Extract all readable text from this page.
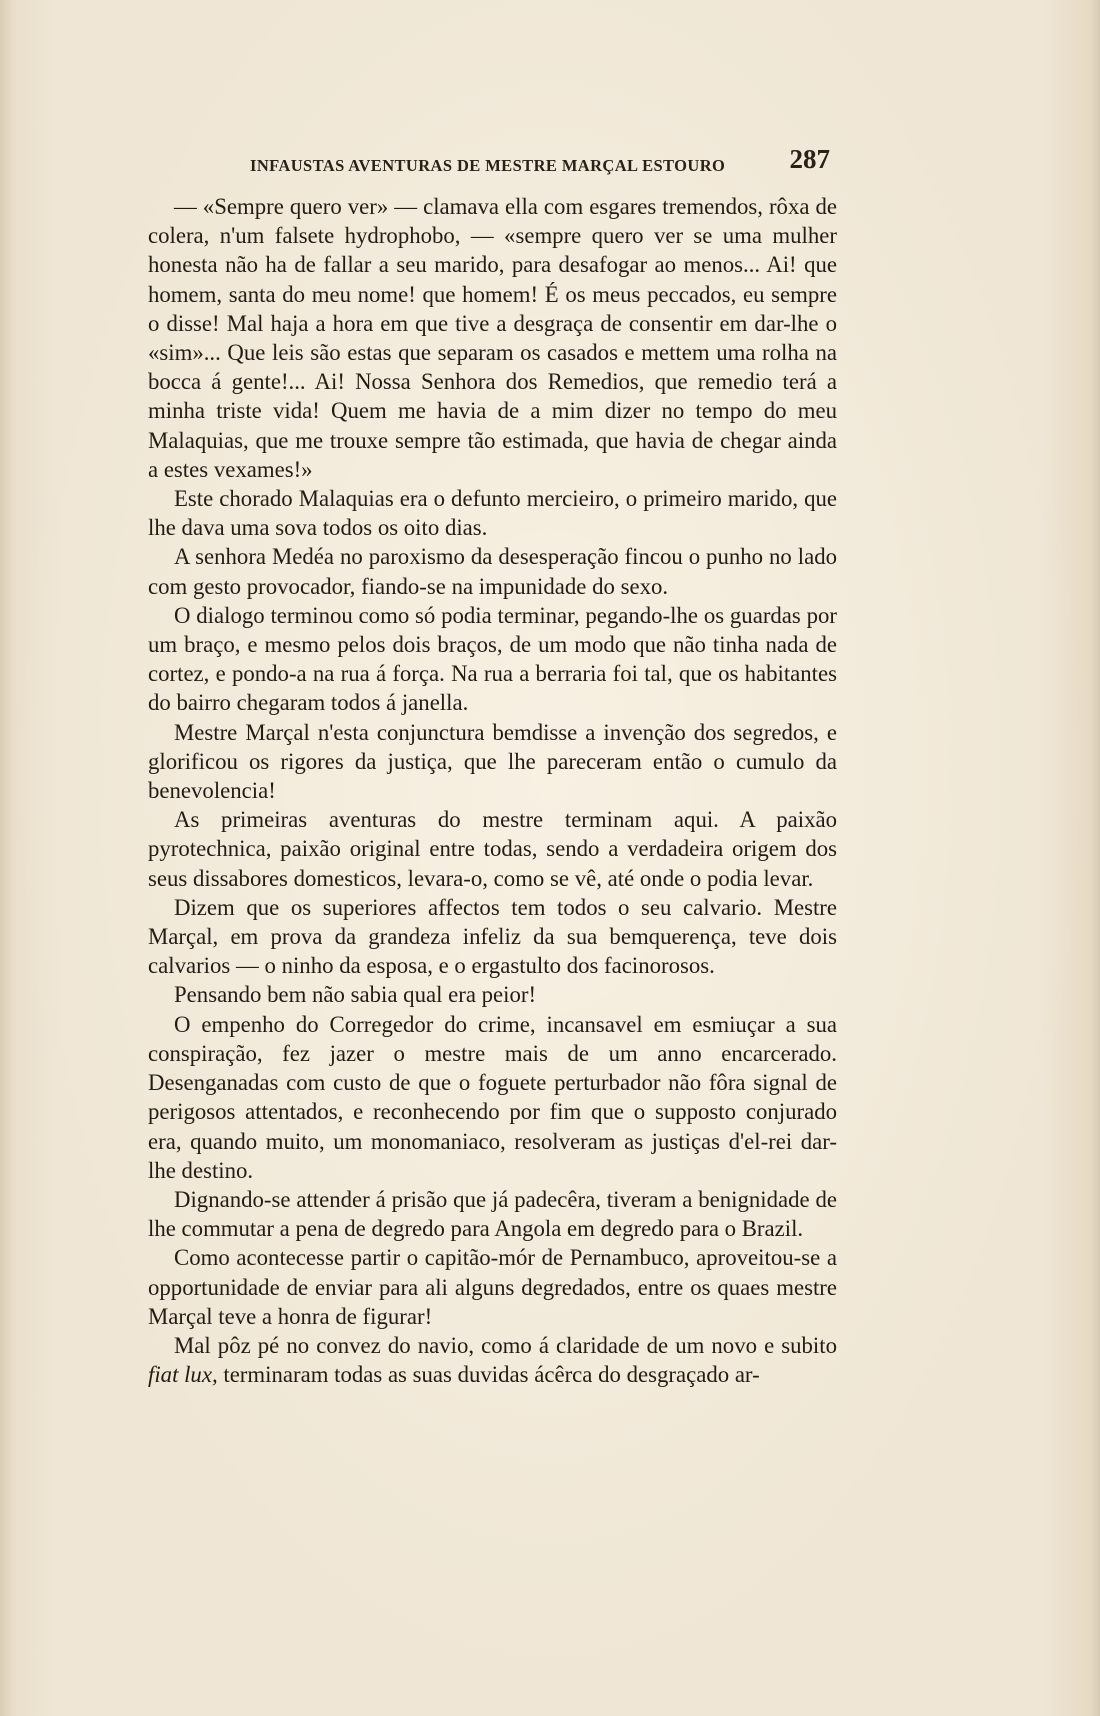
INFAUSTAS AVENTURAS DE MESTRE MARÇAL ESTOURO 287

— «Sempre quero ver» — clamava ella com esgares tremendos, rôxa de colera, n'um falsete hydrophobo, — «sempre quero ver se uma mulher honesta não ha de fallar a seu marido, para desafogar ao menos... Ai! que homem, santa do meu nome! que homem! É os meus peccados, eu sempre o disse! Mal haja a hora em que tive a desgraça de consentir em dar-lhe o «sim»... Que leis são estas que separam os casados e mettem uma rolha na bocca á gente!... Ai! Nossa Senhora dos Remedios, que remedio terá a minha triste vida! Quem me havia de a mim dizer no tempo do meu Malaquias, que me trouxe sempre tão estimada, que havia de chegar ainda a estes vexames!»

Este chorado Malaquias era o defunto mercieiro, o primeiro marido, que lhe dava uma sova todos os oito dias.

A senhora Medéa no paroxismo da desesperação fincou o punho no lado com gesto provocador, fiando-se na impunidade do sexo.

O dialogo terminou como só podia terminar, pegando-lhe os guardas por um braço, e mesmo pelos dois braços, de um modo que não tinha nada de cortez, e pondo-a na rua á força. Na rua a berraria foi tal, que os habitantes do bairro chegaram todos á janella.

Mestre Marçal n'esta conjunctura bemdisse a invenção dos segredos, e glorificou os rigores da justiça, que lhe pareceram então o cumulo da benevolencia!

As primeiras aventuras do mestre terminam aqui. A paixão pyrotechnica, paixão original entre todas, sendo a verdadeira origem dos seus dissabores domesticos, levara-o, como se vê, até onde o podia levar.

Dizem que os superiores affectos tem todos o seu calvario. Mestre Marçal, em prova da grandeza infeliz da sua bemquerença, teve dois calvarios — o ninho da esposa, e o ergastulto dos facinorosos.

Pensando bem não sabia qual era peior!

O empenho do Corregedor do crime, incansavel em esmiuçar a sua conspiração, fez jazer o mestre mais de um anno encarcerado. Desenganadas com custo de que o foguete perturbador não fôra signal de perigosos attentados, e reconhecendo por fim que o supposto conjurado era, quando muito, um monomaniaco, resolveram as justiças d'el-rei dar-lhe destino.

Dignando-se attender á prisão que já padecêra, tiveram a benignidade de lhe commutar a pena de degredo para Angola em degredo para o Brazil.

Como acontecesse partir o capitão-mór de Pernambuco, aproveitou-se a opportunidade de enviar para ali alguns degredados, entre os quaes mestre Marçal teve a honra de figurar!

Mal pôz pé no convez do navio, como á claridade de um novo e subito fiat lux, terminaram todas as suas duvidas ácêrca do desgraçado ar-
